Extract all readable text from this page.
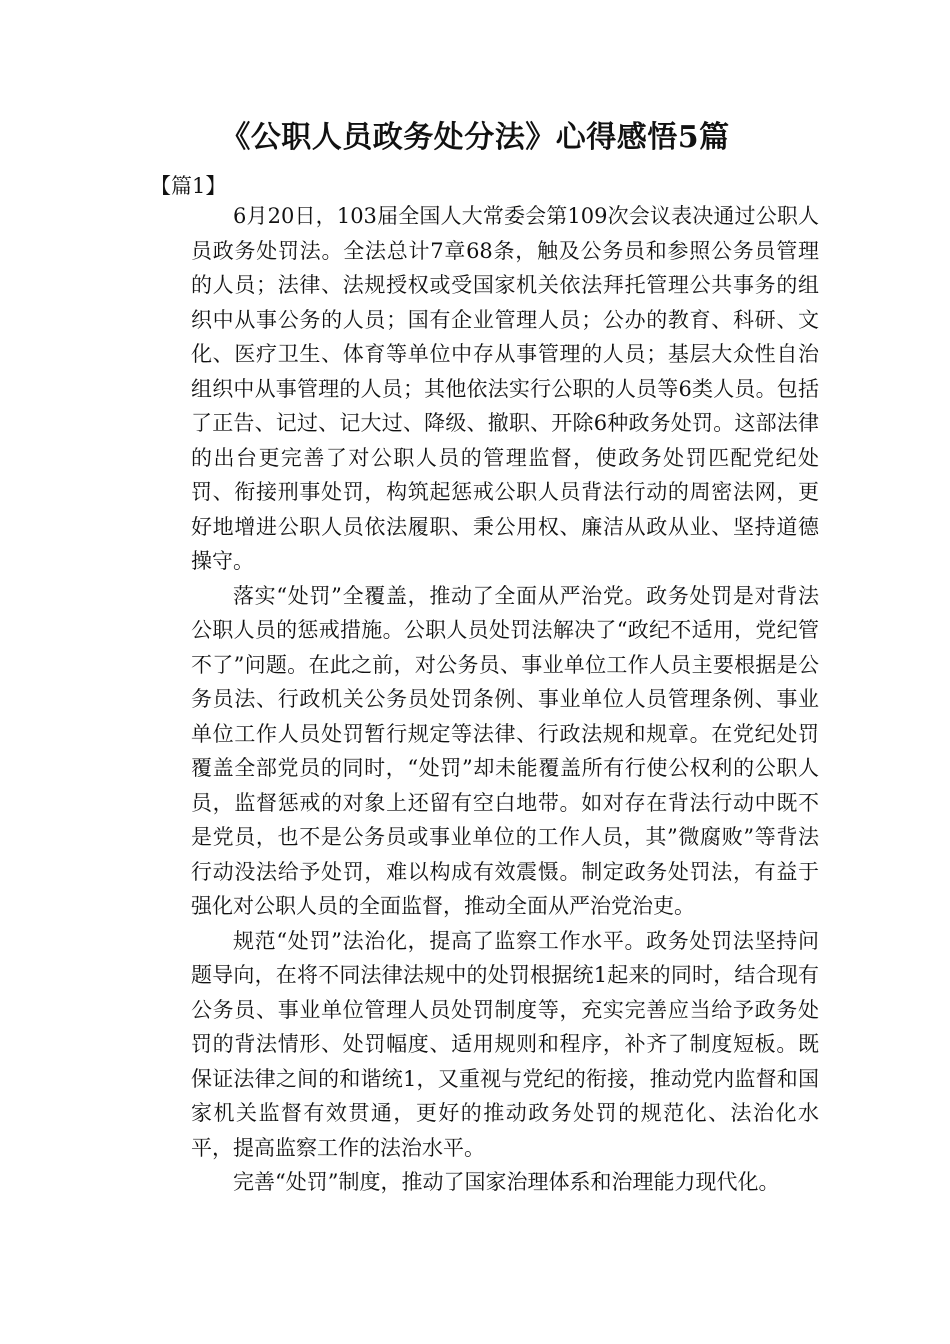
《公职人员政务处分法》心得感悟5篇
【篇1】

6月20日，103届全国人大常委会第109次会议表决通过公职人员政务处罚法。全法总计7章68条，触及公务员和参照公务员管理的人员；法律、法规授权或受国家机关依法拜托管理公共事务的组织中从事公务的人员；国有企业管理人员；公办的教育、科研、文化、医疗卫生、体育等单位中存从事管理的人员；基层大众性自治组织中从事管理的人员；其他依法实行公职的人员等6类人员。包括了正告、记过、记大过、降级、撤职、开除6种政务处罚。这部法律的出台更完善了对公职人员的管理监督，使政务处罚匹配党纪处罚、衔接刑事处罚，构筑起惩戒公职人员背法行动的周密法网，更好地增进公职人员依法履职、秉公用权、廉洁从政从业、坚持道德操守。

落实“处罚”全覆盖，推动了全面从严治党。政务处罚是对背法公职人员的惩戒措施。公职人员处罚法解决了“政纪不适用，党纪管不了”问题。在此之前，对公务员、事业单位工作人员主要根据是公务员法、行政机关公务员处罚条例、事业单位人员管理条例、事业单位工作人员处罚暂行规定等法律、行政法规和规章。在党纪处罚覆盖全部党员的同时，“处罚”却未能覆盖所有行使公权利的公职人员，监督惩戒的对象上还留有空白地带。如对存在背法行动中既不是党员，也不是公务员或事业单位的工作人员，其”微腐败”等背法行动没法给予处罚，难以构成有效震慑。制定政务处罚法，有益于强化对公职人员的全面监督，推动全面从严治党治吏。

规范“处罚”法治化，提高了监察工作水平。政务处罚法坚持问题导向，在将不同法律法规中的处罚根据统1起来的同时，结合现有公务员、事业单位管理人员处罚制度等，充实完善应当给予政务处罚的背法情形、处罚幅度、适用规则和程序，补齐了制度短板。既保证法律之间的和谐统1，又重视与党纪的衔接，推动党内监督和国家机关监督有效贯通，更好的推动政务处罚的规范化、法治化水平，提高监察工作的法治水平。

完善“处罚”制度，推动了国家治理体系和治理能力现代化。
